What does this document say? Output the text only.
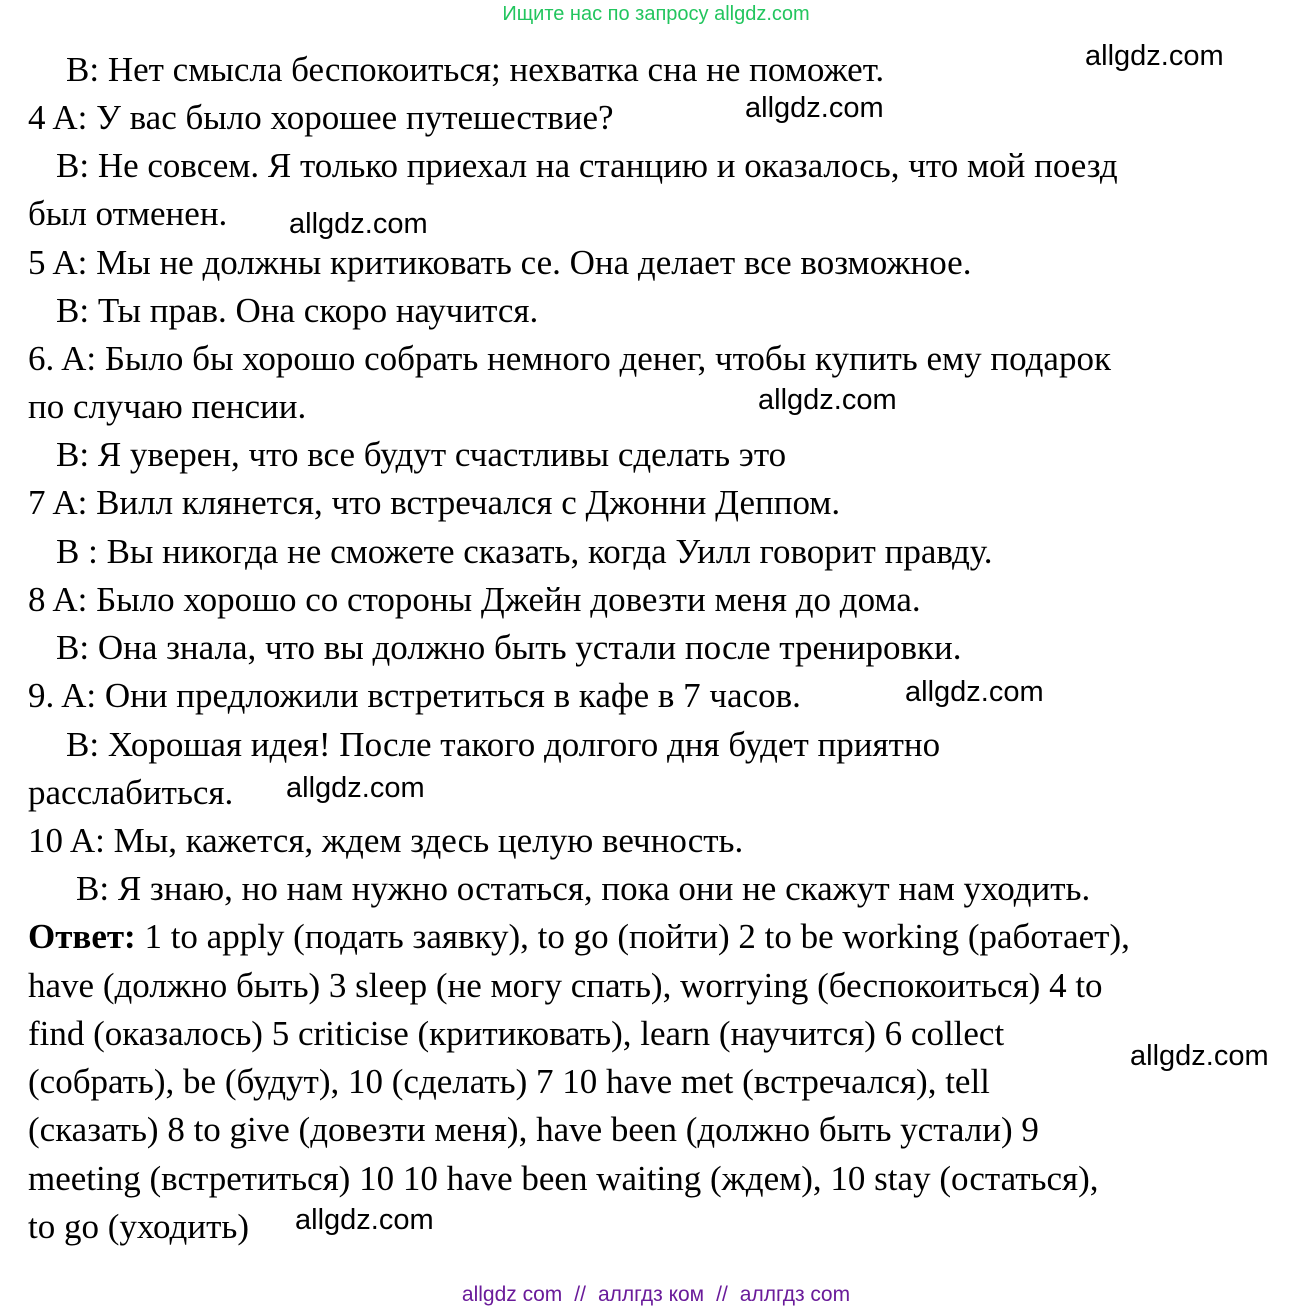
Ищите нас по запросу allgdz.com
B: Нет смысла беспокоиться; нехватка сна не поможет.
4 A: У вас было хорошее путешествие?
B: Не совсем. Я только приехал на станцию и оказалось, что мой поезд
был отменен.
5 A: Мы не должны критиковать се. Она делает все возможное.
B: Ты прав. Она скоро научится.
6. A: Было бы хорошо собрать немного денег, чтобы купить ему подарок
по случаю пенсии.
B: Я уверен, что все будут счастливы сделать это
7 A: Вилл клянется, что встречался с Джонни Деппом.
B : Вы никогда не сможете сказать, когда Уилл говорит правду.
8 A: Было хорошо со стороны Джейн довезти меня до дома.
B: Она знала, что вы должно быть устали после тренировки.
9. A: Они предложили встретиться в кафе в 7 часов.
B: Хорошая идея! После такого долгого дня будет приятно
расслабиться.
10 A: Мы, кажется, ждем здесь целую вечность.
B: Я знаю, но нам нужно остаться, пока они не скажут нам уходить.
Ответ: 1 to apply (подать заявку), to go (пойти) 2 to be working (работает),
have (должно быть) 3 sleep (не могу спать), worrying (беспокоиться) 4 to
find (оказалось) 5 criticise (критиковать), learn (научится) 6 collect
(собрать), be (будут), 10 (сделать) 7 10 have met (встречался), tell
(сказать) 8 to give (довезти меня), have been (должно быть устали) 9
meeting (встретиться) 10 10 have been waiting (ждем), 10 stay (остаться),
to go (уходить)
allgdz.com
allgdz.com
allgdz.com
allgdz.com
allgdz.com
allgdz.com
allgdz.com
allgdz.com
allgdz com // аллгдз ком // аллгдз com
